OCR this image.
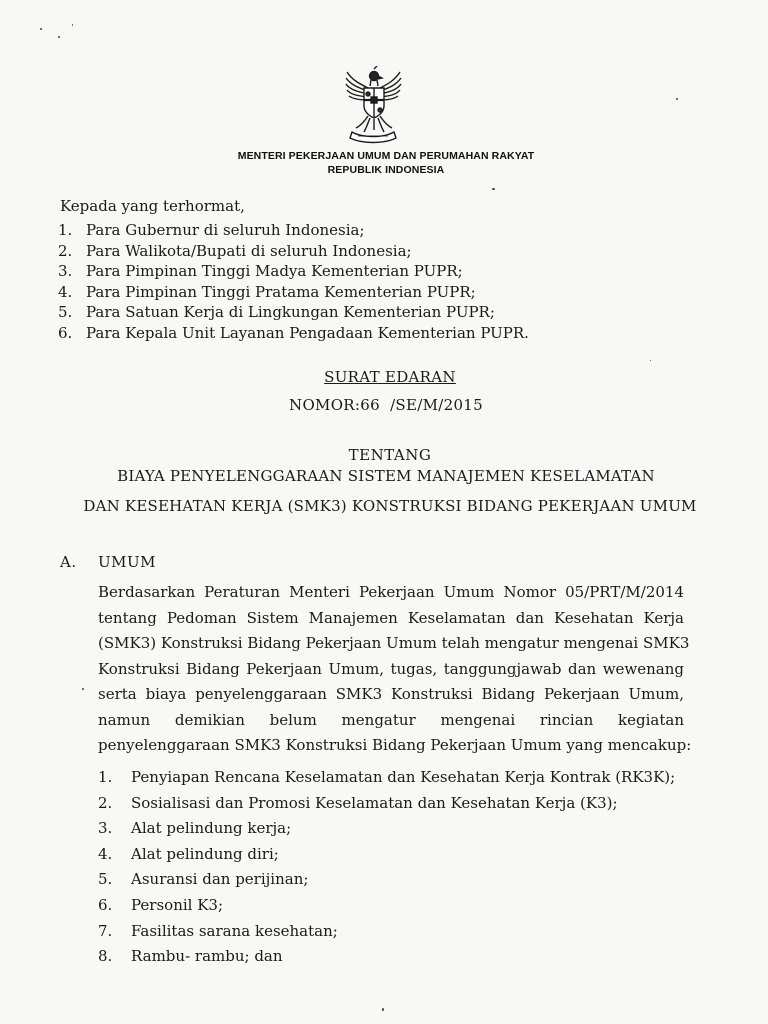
MENTERI PEKERJAAN UMUM DAN PERUMAHAN RAKYAT
REPUBLIK INDONESIA
Kepada yang terhormat,
1. Para Gubernur di seluruh Indonesia;
2. Para Walikota/Bupati di seluruh Indonesia;
3. Para Pimpinan Tinggi Madya Kementerian PUPR;
4. Para Pimpinan Tinggi Pratama Kementerian PUPR;
5. Para Satuan Kerja di Lingkungan Kementerian PUPR;
6. Para Kepala Unit Layanan Pengadaan Kementerian PUPR.
SURAT EDARAN
NOMOR:66  /SE/M/2015
TENTANG
BIAYA PENYELENGGARAAN SISTEM MANAJEMEN KESELAMATAN
DAN KESEHATAN KERJA (SMK3) KONSTRUKSI BIDANG PEKERJAAN UMUM
A. UMUM
Berdasarkan Peraturan Menteri Pekerjaan Umum Nomor 05/PRT/M/2014
tentang Pedoman Sistem Manajemen Keselamatan dan Kesehatan Kerja
(SMK3) Konstruksi Bidang Pekerjaan Umum telah mengatur mengenai SMK3
Konstruksi Bidang Pekerjaan Umum, tugas, tanggungjawab dan wewenang
serta biaya penyelenggaraan SMK3 Konstruksi Bidang Pekerjaan Umum,
namun demikian belum mengatur mengenai rincian kegiatan
penyelenggaraan SMK3 Konstruksi Bidang Pekerjaan Umum yang mencakup:
1. Penyiapan Rencana Keselamatan dan Kesehatan Kerja Kontrak (RK3K);
2. Sosialisasi dan Promosi Keselamatan dan Kesehatan Kerja (K3);
3. Alat pelindung kerja;
4. Alat pelindung diri;
5. Asuransi dan perijinan;
6. Personil K3;
7. Fasilitas sarana kesehatan;
8. Rambu- rambu; dan
